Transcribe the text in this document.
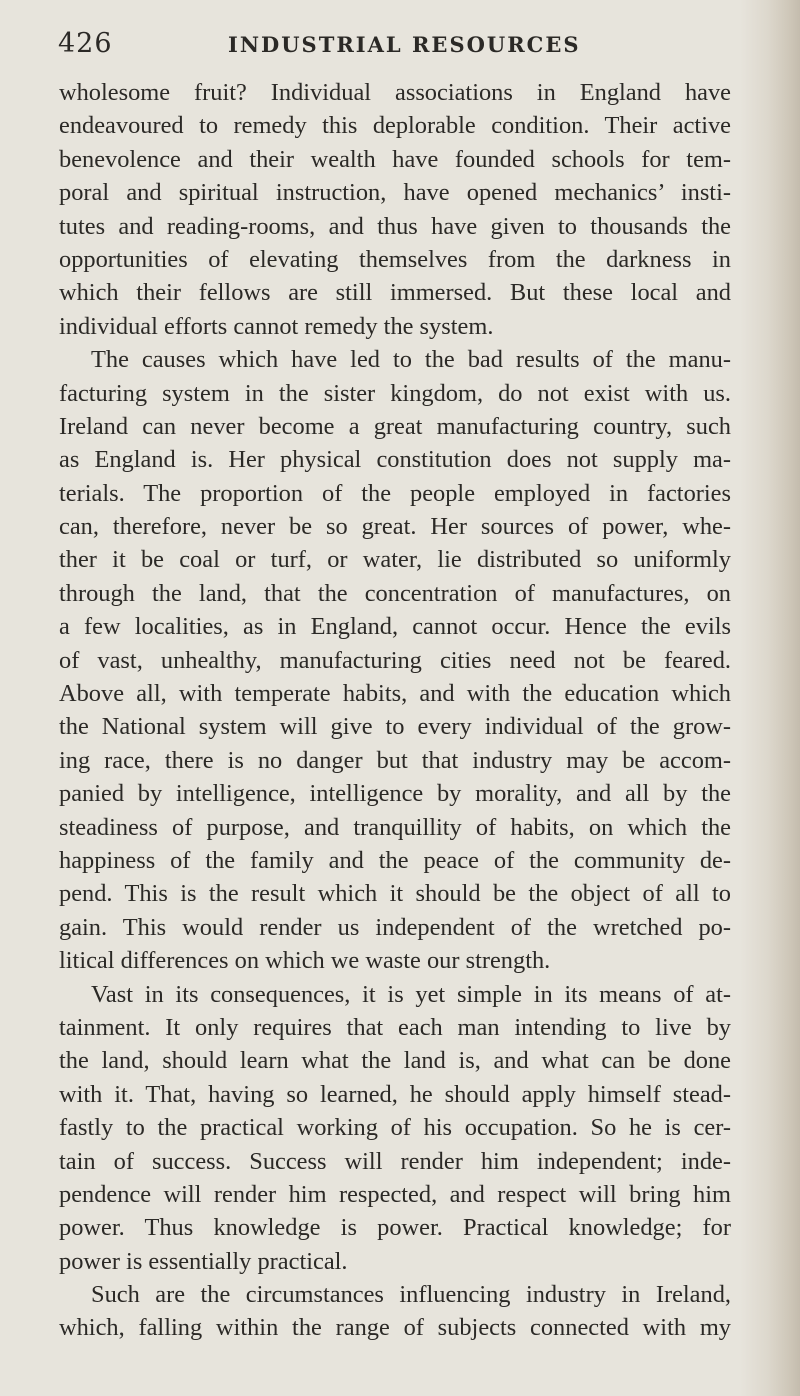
426	INDUSTRIAL RESOURCES
wholesome fruit? Individual associations in England have
endeavoured to remedy this deplorable condition. Their active
benevolence and their wealth have founded schools for tem-
poral and spiritual instruction, have opened mechanics’ insti-
tutes and reading-rooms, and thus have given to thousands the
opportunities of elevating themselves from the darkness in
which their fellows are still immersed. But these local and
individual efforts cannot remedy the system.
The causes which have led to the bad results of the manu-
facturing system in the sister kingdom, do not exist with us.
Ireland can never become a great manufacturing country, such
as England is. Her physical constitution does not supply ma-
terials. The proportion of the people employed in factories
can, therefore, never be so great. Her sources of power, whe-
ther it be coal or turf, or water, lie distributed so uniformly
through the land, that the concentration of manufactures, on
a few localities, as in England, cannot occur. Hence the evils
of vast, unhealthy, manufacturing cities need not be feared.
Above all, with temperate habits, and with the education which
the National system will give to every individual of the grow-
ing race, there is no danger but that industry may be accom-
panied by intelligence, intelligence by morality, and all by the
steadiness of purpose, and tranquillity of habits, on which the
happiness of the family and the peace of the community de-
pend. This is the result which it should be the object of all to
gain. This would render us independent of the wretched po-
litical differences on which we waste our strength.
Vast in its consequences, it is yet simple in its means of at-
tainment. It only requires that each man intending to live by
the land, should learn what the land is, and what can be done
with it. That, having so learned, he should apply himself stead-
fastly to the practical working of his occupation. So he is cer-
tain of success. Success will render him independent; inde-
pendence will render him respected, and respect will bring him
power. Thus knowledge is power. Practical knowledge; for
power is essentially practical.
Such are the circumstances influencing industry in Ireland,
which, falling within the range of subjects connected with my
